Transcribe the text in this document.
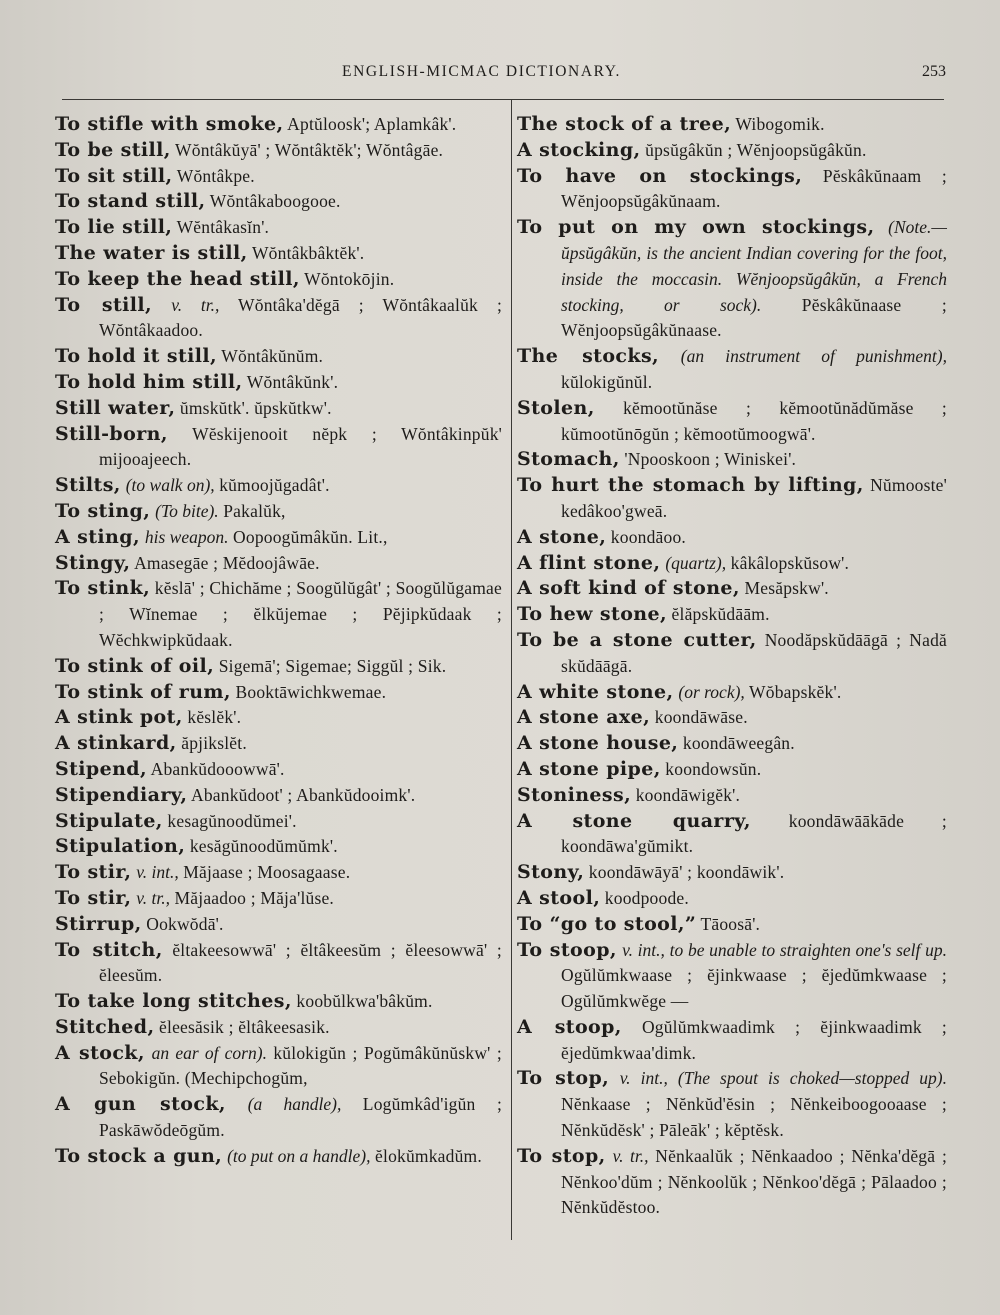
ENGLISH-MICMAC DICTIONARY.	253

To stifle with smoke, Aptŭloosk'; Aplamkâk'.

To be still, Wŏntâkŭyā' ; Wŏntâktĕk'; Wŏntâgāe.

To sit still, Wŏntâkpe.

To stand still, Wŏntâkaboogooe.

To lie still, Wĕntâkasĭn'.

The water is still, Wŏntâkbâktĕk'.

To keep the head still, Wŏntokōjin.

To still, v. tr., Wŏntâka'dĕgā ; Wŏntâkaalŭk ; Wŏntâkaadoo.

To hold it still, Wŏntâkŭnŭm.

To hold him still, Wŏntâkŭnk'.

Still water, ŭmskŭtk'. ŭpskŭtkw'.

Still-born, Wĕskijenooit nĕpk ; Wŏntâkinpŭk' mijooajeech.

Stilts, (to walk on), kŭmoojŭgadât'.

To sting, (To bite). Pakalŭk,

A sting, his weapon. Oopoogŭmâkŭn. Lit.,

Stingy, Amasegāe ; Mĕdoojâwāe.

To stink, kĕslā' ; Chichăme ; Soogŭlŭgât' ; Soogŭlŭgamae ; Wĭnemae ; ĕlkŭjemae ; Pĕjipkŭdaak ; Wĕchkwipkŭdaak.

To stink of oil, Sigemā'; Sigemae; Siggŭl ; Sik.

To stink of rum, Booktāwichkwemae.

A stink pot, kĕslĕk'.

A stinkard, ăpjikslĕt.

Stipend, Abankŭdooowwā'.

Stipendiary, Abankŭdoot' ; Abankŭdooimk'.

Stipulate, kesagŭnoodŭmei'.

Stipulation, kesăgŭnoodŭmŭmk'.

To stir, v. int., Măjaase ; Moosagaase.

To stir, v. tr., Măjaadoo ; Măja'lŭse.

Stirrup, Ookwŏdā'.

To stitch, ĕltakeesowwā' ; ĕltâkeesŭm ; ĕleesowwā' ; ĕleesŭm.

To take long stitches, koobŭlkwa'bâkŭm.

Stitched, ĕleesăsik ; ĕltâkeesasik.

A stock, an ear of corn). kŭlokigŭn ; Pogŭmâkŭnŭskw' ; Sebokigŭn. (Mechipchogŭm,

A gun stock, (a handle), Logŭmkâd'igŭn ; Paskāwŏdeōgŭm.

To stock a gun, (to put on a handle), ĕlokŭmkadŭm.

The stock of a tree, Wibogomik.

A stocking, ŭpsŭgâkŭn ; Wĕnjoopsŭgâkŭn.

To have on stockings, Pĕskâkŭnaam ; Wĕnjoopsŭgâkŭnaam.

To put on my own stockings, (Note.—ŭpsŭgâkŭn, is the ancient Indian covering for the foot, inside the moccasin. Wĕnjoopsŭgâkŭn, a French stocking, or sock). Pĕskâkŭnaase ; Wĕnjoopsŭgâkŭnaase.

The stocks, (an instrument of punishment), kŭlokigŭnŭl.

Stolen, kĕmootŭnăse ; kĕmootŭnădŭmăse ; kŭmootŭnōgŭn ; kĕmootŭmoogwā'.

Stomach, 'Npooskoon ; Winiskei'.

To hurt the stomach by lifting, Nŭmooste' kedâkoo'gweā.

A stone, koondāoo.

A flint stone, (quartz), kâkâlopskŭsow'.

A soft kind of stone, Mesăpskw'.

To hew stone, ĕlăpskŭdāām.

To be a stone cutter, Noodăpskŭdāāgā ; Nadă skŭdāāgā.

A white stone, (or rock), Wŏbapskĕk'.

A stone axe, koondāwāse.

A stone house, koondāweegân.

A stone pipe, koondowsŭn.

Stoniness, koondāwigĕk'.

A stone quarry, koondāwāākāde ; koondāwa'gŭmikt.

Stony, koondāwāyā' ; koondāwik'.

A stool, koodpoode.

To “go to stool,” Tāoosā'.

To stoop, v. int., to be unable to straighten one's self up. Ogŭlŭmkwaase ; ĕjinkwaase ; ĕjedŭmkwaase ; Ogŭlŭmkwĕge —

A stoop, Ogŭlŭmkwaadimk ; ĕjinkwaadimk ; ĕjedŭmkwaa'dimk.

To stop, v. int., (The spout is choked—stopped up). Nĕnkaase ; Nĕnkŭd'ĕsin ; Nĕnkeiboogooaase ; Nĕnkŭdĕsk' ; Pāleāk' ; kĕptĕsk.

To stop, v. tr., Nĕnkaalŭk ; Nĕnkaadoo ; Nĕnka'dĕgā ; Nĕnkoo'dŭm ; Nĕnkoolŭk ; Nĕnkoo'dĕgā ; Pālaadoo ; Nĕnkŭdĕstoo.
